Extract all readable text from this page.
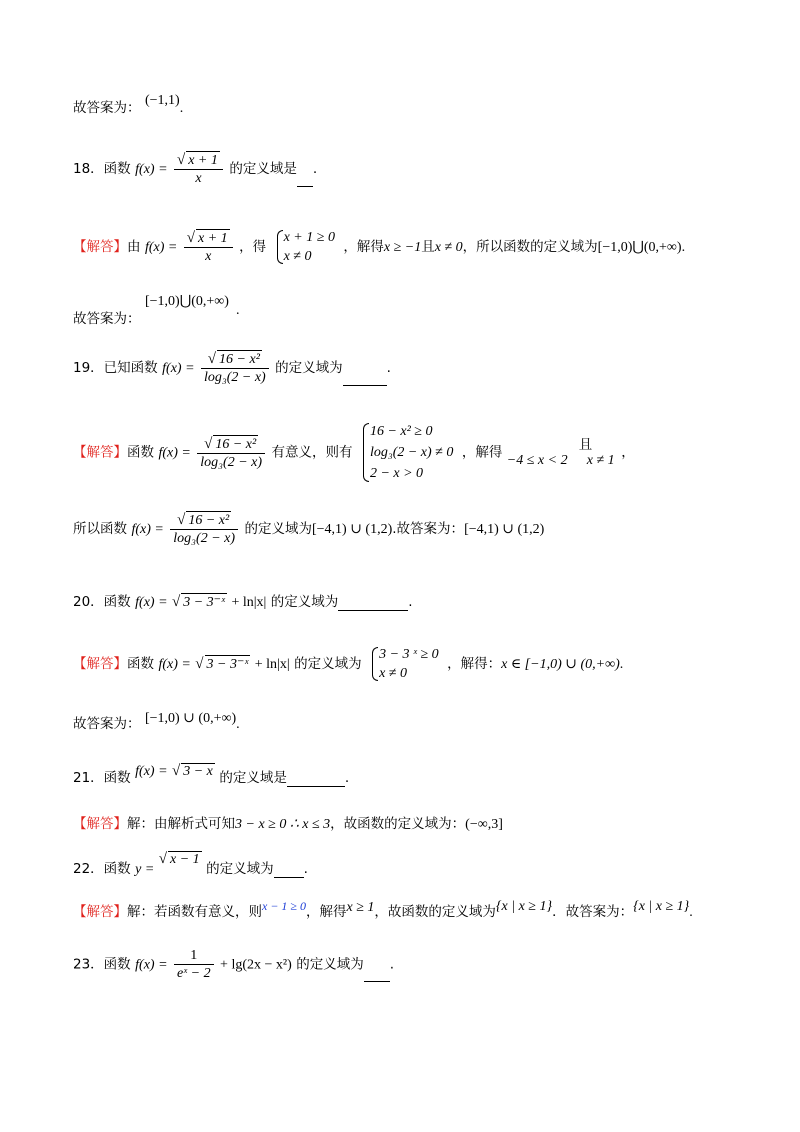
故答案为： (−1,1).
18．函数 $f(x) = \frac{√ x + 1}{x}$ 的定义域是 .
【解答】由 $f(x) = \frac{√ x + 1}{x}$ ，得
x + 1 ≥ 0
x ≠ 0
，解得x ≥ −1且x ≠ 0，所以函数的定义域为[−1,0)⋃(0,+∞).
[−1,0)⋃(0,+∞)
故答案为：
.
19．已知函数 $f(x) = \frac{\text{√ 16 − x²}}{\text{log₃(2 − x)}}$ 的定义域为	.
【解答】函数 $f(x) = \frac{\text{√ 16 − x²}}{\text{log₃(2 − x)}}$ 有意义，则有
16 − x² ≥ 0
log₃(2 − x) ≠ 0
2 − x > 0
，解得 −4 ≤ x < 2
且
x ≠ 1 ，
所以函数 $f(x) = \frac{\text{√ 16 − x²}}{\text{log₃(2 − x)}}$ 的定义域为[−4,1) ∪ (1,2).故答案为：[−4,1) ∪ (1,2)
20．函数 f(x) = √ 3 − 3⁻ˣ + ln|x| 的定义域为	.
【解答】函数 f(x) = √ 3 − 3⁻ˣ + ln|x| 的定义域为
3 − 3 ˣ ≥ 0
x ≠ 0
，解得：x ∈ [−1,0) ∪ (0,+∞).
故答案为： [−1,0) ∪ (0,+∞).
21．函数 f(x) = √ 3 − x 的定义域是	.
【解答】解：由解析式可知3 − x ≥ 0 ∴ x ≤ 3，故函数的定义域为：(−∞,3]
22．函数 y = √ x − 1 的定义域为 .
【解答】解：若函数有意义，则x − 1 ≥ 0，解得x ≥ 1，故函数的定义域为{x | x ≥ 1}．故答案为：{x | x ≥ 1}.
23．函数 $f(x) = \frac{1}{\text{eˣ − 2}} + \lg(2x - x^2)$ 的定义域为 .
